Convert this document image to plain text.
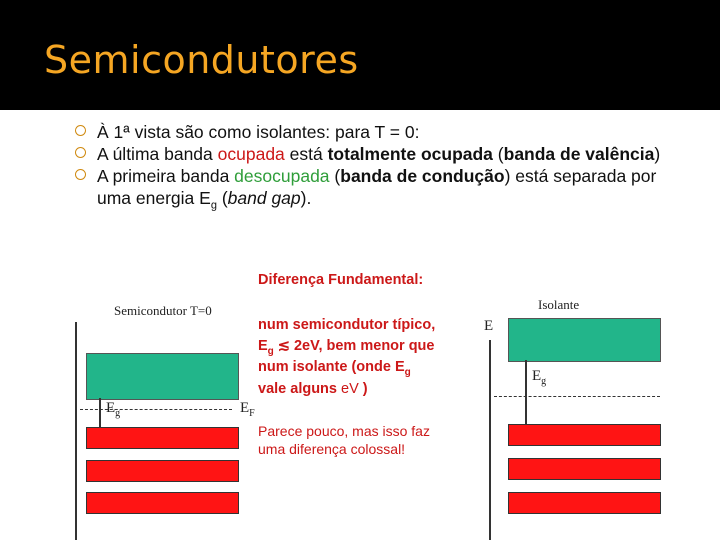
Semicondutores
À 1ª vista são como isolantes: para T = 0:
A última banda ocupada está totalmente ocupada (banda de valência)
A primeira banda desocupada (banda de condução) está separada por uma energia $E_g$ (band gap).
Semicondutor T=0
$E_g$	$E_F$
Diferença Fundamental:
num semicondutor típico,
$E_g$ ≲ 2eV, bem menor que
num isolante (onde $E_g$
vale alguns eV )
Parece pouco, mas isso faz
uma diferença colossal!
Isolante
E
$E_g$
